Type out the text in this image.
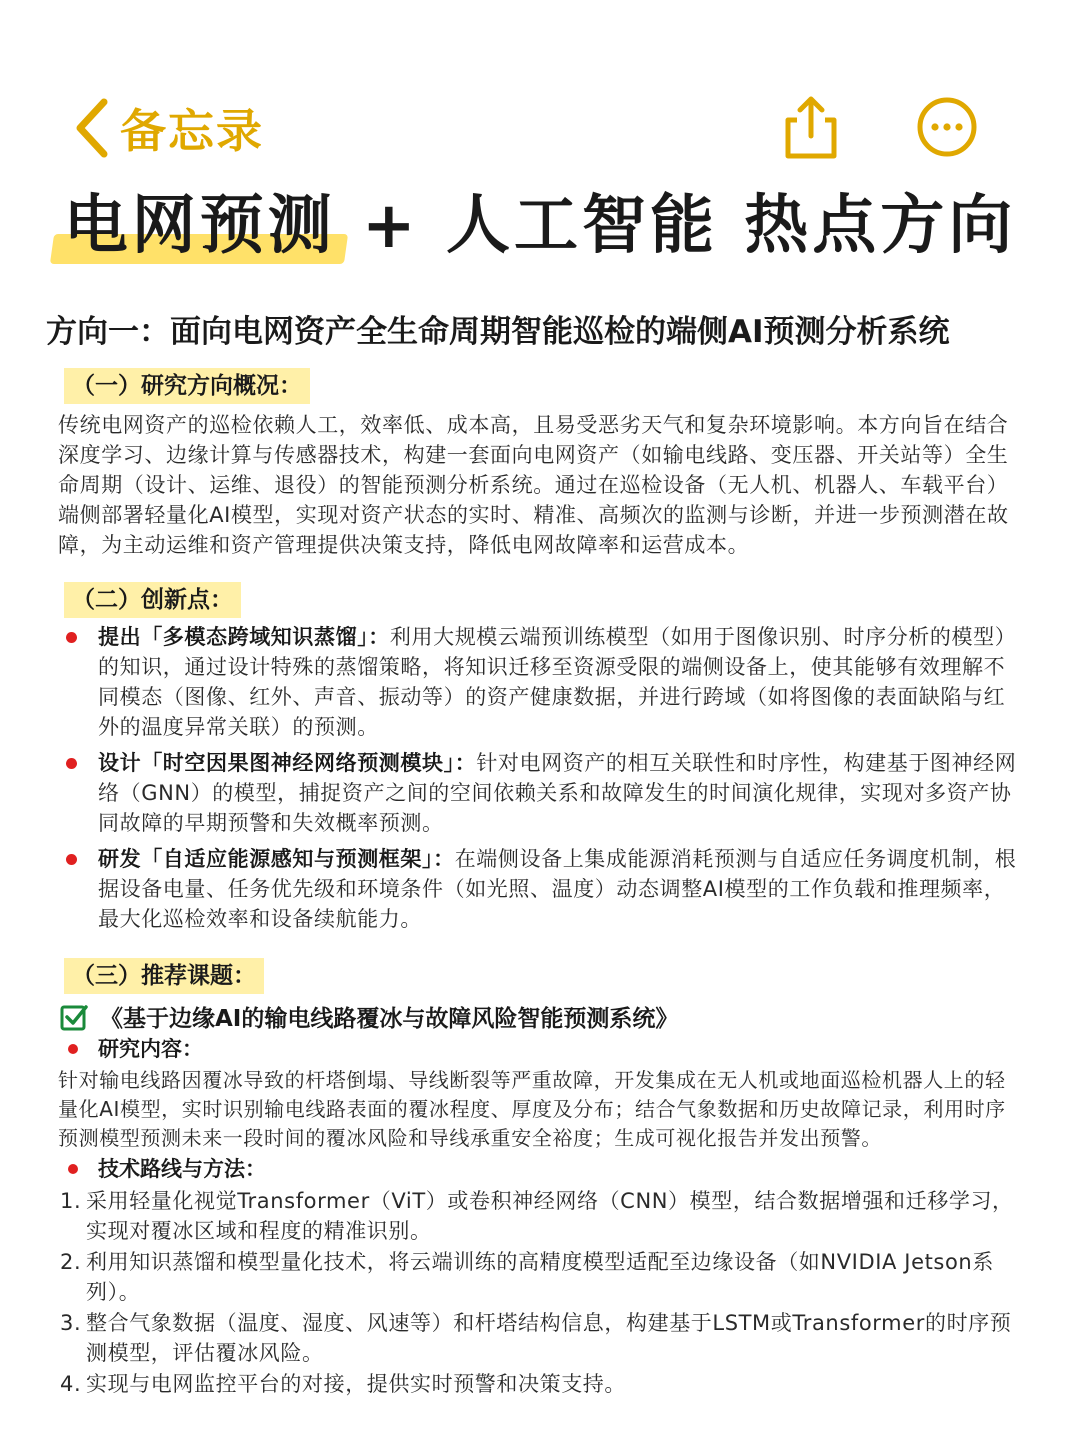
备忘录
电网预测 + 人工智能 热点方向
方向一：面向电网资产全生命周期智能巡检的端侧AI预测分析系统
（一）研究方向概况：
传统电网资产的巡检依赖人工，效率低、成本高，且易受恶劣天气和复杂环境影响。本方向旨在结合深度学习、边缘计算与传感器技术，构建一套面向电网资产（如输电线路、变压器、开关站等）全生命周期（设计、运维、退役）的智能预测分析系统。通过在巡检设备（无人机、机器人、车载平台）端侧部署轻量化AI模型，实现对资产状态的实时、精准、高频次的监测与诊断，并进一步预测潜在故障，为主动运维和资产管理提供决策支持，降低电网故障率和运营成本。
（二）创新点：
提出「多模态跨域知识蒸馏」：利用大规模云端预训练模型（如用于图像识别、时序分析的模型）的知识，通过设计特殊的蒸馏策略，将知识迁移至资源受限的端侧设备上，使其能够有效理解不同模态（图像、红外、声音、振动等）的资产健康数据，并进行跨域（如将图像的表面缺陷与红外的温度异常关联）的预测。
设计「时空因果图神经网络预测模块」：针对电网资产的相互关联性和时序性，构建基于图神经网络（GNN）的模型，捕捉资产之间的空间依赖关系和故障发生的时间演化规律，实现对多资产协同故障的早期预警和失效概率预测。
研发「自适应能源感知与预测框架」：在端侧设备上集成能源消耗预测与自适应任务调度机制，根据设备电量、任务优先级和环境条件（如光照、温度）动态调整AI模型的工作负载和推理频率，最大化巡检效率和设备续航能力。
（三）推荐课题：
《基于边缘AI的输电线路覆冰与故障风险智能预测系统》
研究内容：
针对输电线路因覆冰导致的杆塔倒塌、导线断裂等严重故障，开发集成在无人机或地面巡检机器人上的轻量化AI模型，实时识别输电线路表面的覆冰程度、厚度及分布；结合气象数据和历史故障记录，利用时序预测模型预测未来一段时间的覆冰风险和导线承重安全裕度；生成可视化报告并发出预警。
技术路线与方法：
1. 采用轻量化视觉Transformer（ViT）或卷积神经网络（CNN）模型，结合数据增强和迁移学习，实现对覆冰区域和程度的精准识别。
2. 利用知识蒸馏和模型量化技术，将云端训练的高精度模型适配至边缘设备（如NVIDIA Jetson系列）。
3. 整合气象数据（温度、湿度、风速等）和杆塔结构信息，构建基于LSTM或Transformer的时序预测模型，评估覆冰风险。
4. 实现与电网监控平台的对接，提供实时预警和决策支持。
